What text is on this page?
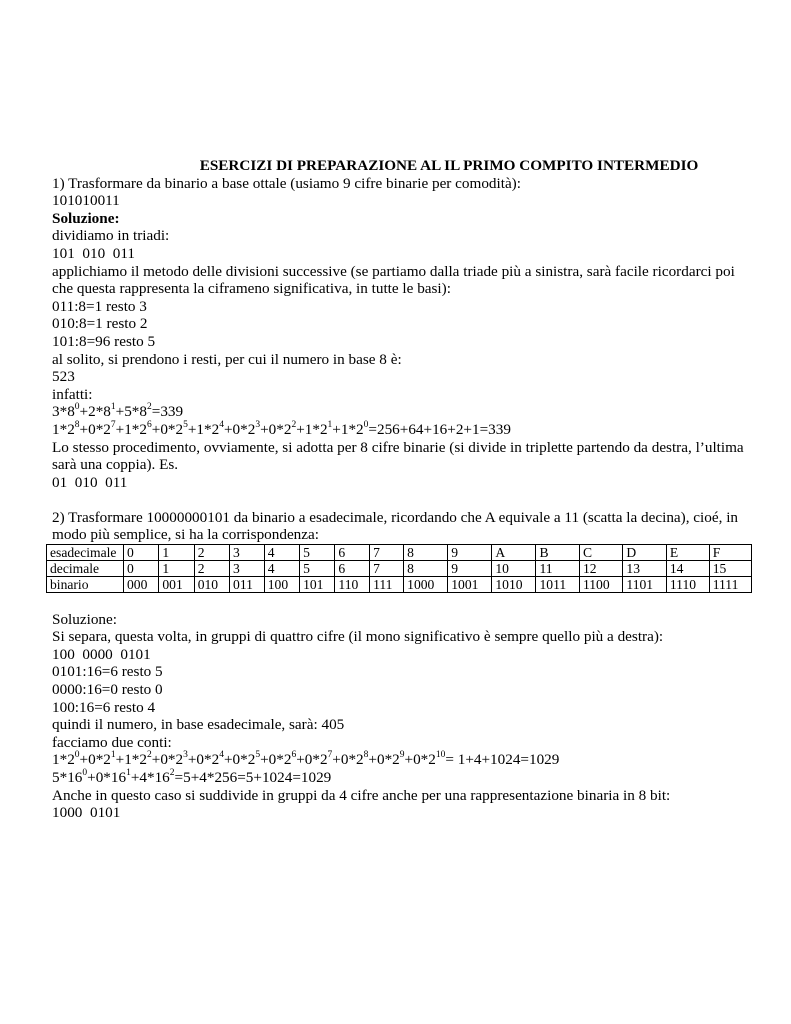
ESERCIZI DI PREPARAZIONE AL IL PRIMO COMPITO INTERMEDIO
1) Trasformare da binario a base ottale (usiamo 9 cifre binarie per comodità):
101010011
Soluzione:
dividiamo in triadi:
101  010  011
applichiamo il metodo delle divisioni successive (se partiamo dalla triade più a sinistra, sarà facile ricordarci poi che questa rappresenta la ciframeno significativa, in tutte le basi):
011:8=1 resto 3
010:8=1 resto 2
101:8=96 resto 5
al solito, si prendono i resti, per cui il numero in base 8 è:
523
infatti:
$3*8^0+2*8^1+5*8^2=339$
$1*2^8+0*2^7+1*2^6+0*2^5+1*2^4+0*2^3+0*2^2+1*2^1+1*2^0=256+64+16+2+1=339$
Lo stesso procedimento, ovviamente, si adotta per 8 cifre binarie (si divide in triplette partendo da destra, l’ultima sarà una coppia). Es.
01  010  011
2) Trasformare 10000000101 da binario a esadecimale, ricordando che A equivale a 11 (scatta la decina), cioé, in modo più semplice, si ha la corrispondenza:
esadecimale	0	1	2	3	4	5	6	7	8	9	A	B	C	D	E	F
decimale	0	1	2	3	4	5	6	7	8	9	10	11	12	13	14	15
binario	000	001	010	011	100	101	110	111	1000	1001	1010	1011	1100	1101	1110	1111
Soluzione:
Si separa, questa volta, in gruppi di quattro cifre (il mono significativo è sempre quello più a destra):
100  0000  0101
0101:16=6 resto 5
0000:16=0 resto 0
100:16=6 resto 4
quindi il numero, in base esadecimale, sarà: 405
facciamo due conti:
$1*2^0+0*2^1+1*2^2+0*2^3+0*2^4+0*2^5+0*2^6+0*2^7+0*2^8+0*2^9+0*2^{10}= 1+4+1024=1029$
$5*16^0+0*16^1+4*16^2=5+4*256=5+1024=1029$
Anche in questo caso si suddivide in gruppi da 4 cifre anche per una rappresentazione binaria in 8 bit:
1000  0101
